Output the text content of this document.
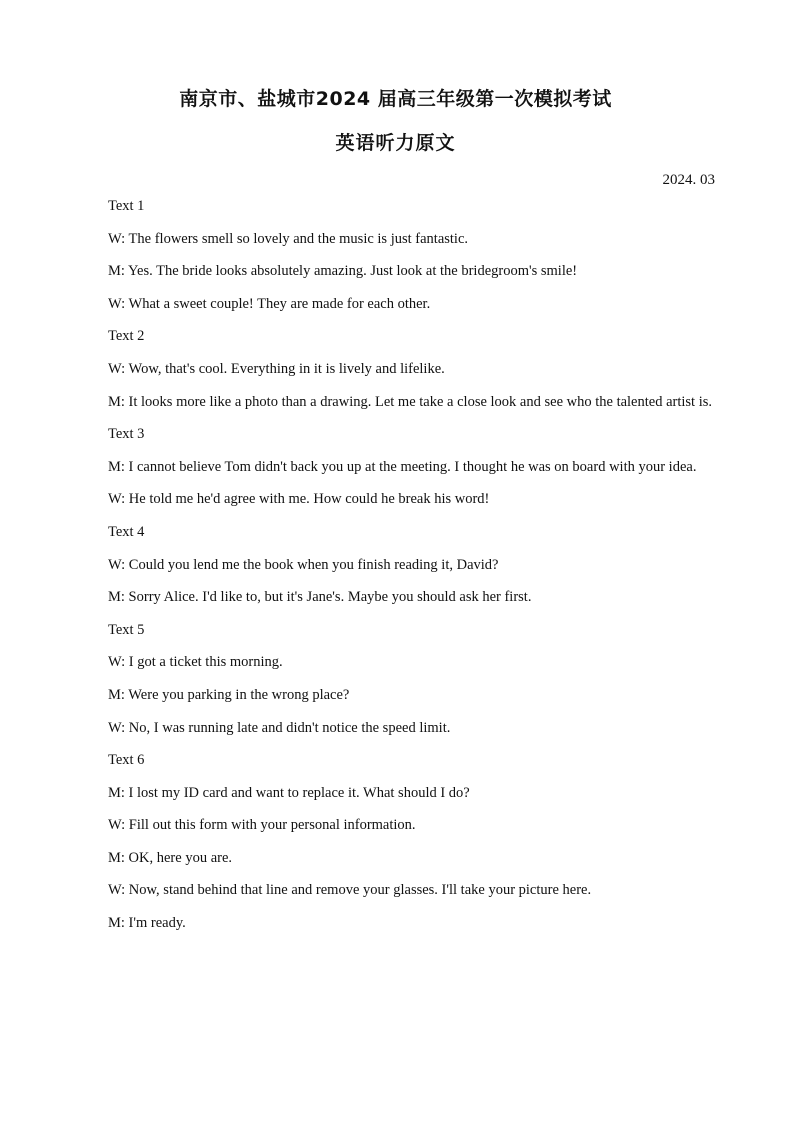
南京市、盐城市2024 届高三年级第一次模拟考试
英语听力原文
2024. 03

Text 1

W: The flowers smell so lovely and the music is just fantastic.

M: Yes. The bride looks absolutely amazing. Just look at the bridegroom's smile!

W: What a sweet couple! They are made for each other.

Text 2

W: Wow, that's cool. Everything in it is lively and lifelike.

M: It looks more like a photo than a drawing. Let me take a close look and see who the talented artist is.

Text 3

M: I cannot believe Tom didn't back you up at the meeting. I thought he was on board with your idea.

W: He told me he'd agree with me. How could he break his word!

Text 4

W: Could you lend me the book when you finish reading it, David?

M: Sorry Alice. I'd like to, but it's Jane's. Maybe you should ask her first.

Text 5

W: I got a ticket this morning.

M: Were you parking in the wrong place?

W: No, I was running late and didn't notice the speed limit.

Text 6

M: I lost my ID card and want to replace it. What should I do?

W: Fill out this form with your personal information.

M: OK, here you are.

W: Now, stand behind that line and remove your glasses. I'll take your picture here.

M: I'm ready.
